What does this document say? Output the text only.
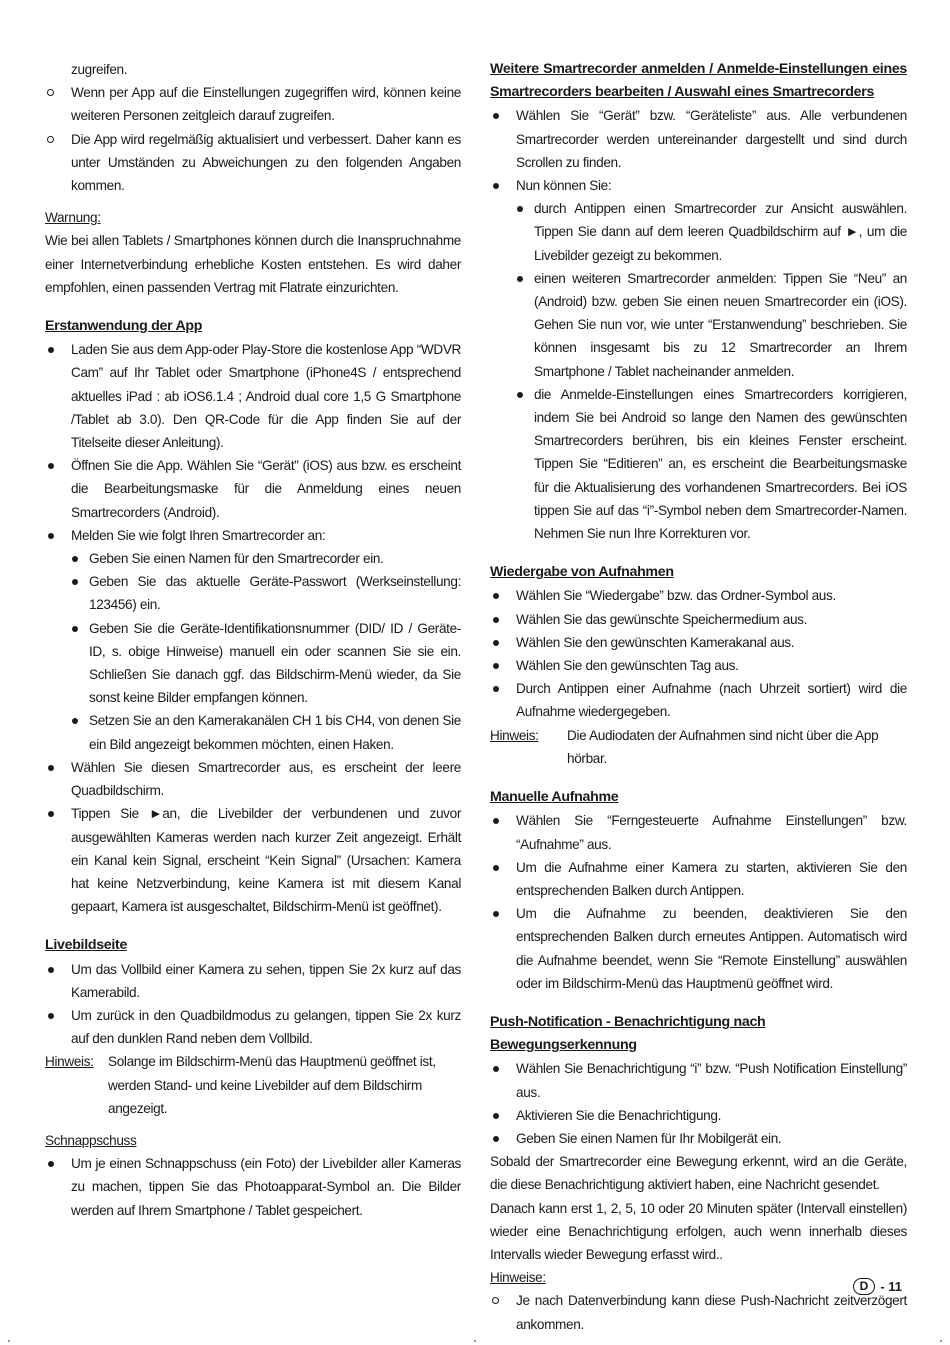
zugreifen.

Wenn per App auf die Einstellungen zugegriffen wird, können keine weiteren Personen zeitgleich darauf zugreifen.
Die App wird regelmäßig aktualisiert und verbessert. Daher kann es unter Umständen zu Abweichungen zu den folgenden Angaben kommen.

Warnung:

Wie bei allen Tablets / Smartphones können durch die Inanspruchnahme einer Internetverbindung erhebliche Kosten entstehen. Es wird daher empfohlen, einen passenden Vertrag mit Flatrate einzurichten.

Erstanwendung der App

Laden Sie aus dem App-oder Play-Store die kostenlose App “WDVR Cam” auf Ihr Tablet oder Smartphone (iPhone4S / entsprechend aktuelles iPad : ab iOS6.1.4 ; Android dual core 1,5 G Smartphone /Tablet ab 3.0). Den QR-Code für die App finden Sie auf der Titelseite dieser Anleitung).
Öffnen Sie die App. Wählen Sie “Gerät” (iOS) aus bzw. es erscheint die Bearbeitungsmaske für die Anmeldung eines neuen Smartrecorders (Android).
Melden Sie wie folgt Ihren Smartrecorder an:
Geben Sie einen Namen für den Smartrecorder ein.
Geben Sie das aktuelle Geräte-Passwort (Werkseinstellung: 123456) ein.
Geben Sie die Geräte-Identifikationsnummer (DID/ ID / Geräte-ID, s. obige Hinweise) manuell ein oder scannen Sie sie ein. Schließen Sie danach ggf. das Bildschirm-Menü wieder, da Sie sonst keine Bilder empfangen können.
Setzen Sie an den Kamerakanälen CH 1 bis CH4, von denen Sie ein Bild angezeigt bekommen möchten, einen Haken.
Wählen Sie diesen Smartrecorder aus, es erscheint der leere Quadbildschirm.
Tippen Sie ►an, die Livebilder der verbundenen und zuvor ausgewählten Kameras werden nach kurzer Zeit angezeigt. Erhält ein Kanal kein Signal, erscheint “Kein Signal” (Ursachen: Kamera hat keine Netzverbindung, keine Kamera ist mit diesem Kanal gepaart, Kamera ist ausgeschaltet, Bildschirm-Menü ist geöffnet).

Livebildseite

Um das Vollbild einer Kamera zu sehen, tippen Sie 2x kurz auf das Kamerabild.
Um zurück in den Quadbildmodus zu gelangen, tippen Sie 2x kurz auf den dunklen Rand neben dem Vollbild.
Hinweis:	Solange im Bildschirm-Menü das Hauptmenü geöffnet ist, werden Stand- und keine Livebilder auf dem Bildschirm angezeigt.

Schnappschuss

Um je einen Schnappschuss (ein Foto) der Livebilder aller Kameras zu machen, tippen Sie das Photoapparat-Symbol an. Die Bilder werden auf Ihrem Smartphone / Tablet gespeichert.

Weitere Smartrecorder anmelden / Anmelde-Einstellungen eines Smartrecorders bearbeiten / Auswahl eines Smartrecorders

Wählen Sie “Gerät” bzw. “Geräteliste” aus. Alle verbundenen Smartrecorder werden untereinander dargestellt und sind durch Scrollen zu finden.
Nun können Sie:
durch Antippen einen Smartrecorder zur Ansicht auswählen. Tippen Sie dann auf dem leeren Quadbildschirm auf ►, um die Livebilder gezeigt zu bekommen.
einen weiteren Smartrecorder anmelden: Tippen Sie “Neu” an (Android) bzw. geben Sie einen neuen Smartrecorder ein (iOS). Gehen Sie nun vor, wie unter “Erstanwendung” beschrieben. Sie können insgesamt bis zu 12 Smartrecorder an Ihrem Smartphone / Tablet nacheinander anmelden.
die Anmelde-Einstellungen eines Smartrecorders korrigieren, indem Sie bei Android so lange den Namen des gewünschten Smartrecorders berühren, bis ein kleines Fenster erscheint. Tippen Sie “Editieren” an, es erscheint die Bearbeitungsmaske für die Aktualisierung des vorhandenen Smartrecorders. Bei iOS tippen Sie auf das “i”-Symbol neben dem Smartrecorder-Namen. Nehmen Sie nun Ihre Korrekturen vor.

Wiedergabe von Aufnahmen

Wählen Sie “Wiedergabe” bzw. das Ordner-Symbol aus.
Wählen Sie das gewünschte Speichermedium aus.
Wählen Sie den gewünschten Kamerakanal aus.
Wählen Sie den gewünschten Tag aus.
Durch Antippen einer Aufnahme (nach Uhrzeit sortiert) wird die Aufnahme wiedergegeben.
Hinweis:	Die Audiodaten der Aufnahmen sind nicht über die App hörbar.

Manuelle Aufnahme

Wählen Sie “Ferngesteuerte Aufnahme Einstellungen” bzw. “Aufnahme” aus.
Um die Aufnahme einer Kamera zu starten, aktivieren Sie den entsprechenden Balken durch Antippen.
Um die Aufnahme zu beenden, deaktivieren Sie den entsprechenden Balken durch erneutes Antippen. Automatisch wird die Aufnahme beendet, wenn Sie “Remote Einstellung” auswählen oder im Bildschirm-Menü das Hauptmenü geöffnet wird.

Push-Notification - Benachrichtigung nach Bewegungserkennung

Wählen Sie Benachrichtigung “i” bzw. “Push Notification Einstellung” aus.
Aktivieren Sie die Benachrichtigung.
Geben Sie einen Namen für Ihr Mobilgerät ein.

Sobald der Smartrecorder eine Bewegung erkennt, wird an die Geräte, die diese Benachrichtigung aktiviert haben, eine Nachricht gesendet.

Danach kann erst 1, 2, 5, 10 oder 20 Minuten später (Intervall einstellen) wieder eine Benachrichtigung erfolgen, auch wenn innerhalb dieses Intervalls wieder Bewegung erfasst wird..

Hinweise:

Je nach Datenverbindung kann diese Push-Nachricht zeitverzögert ankommen.
D - 11
